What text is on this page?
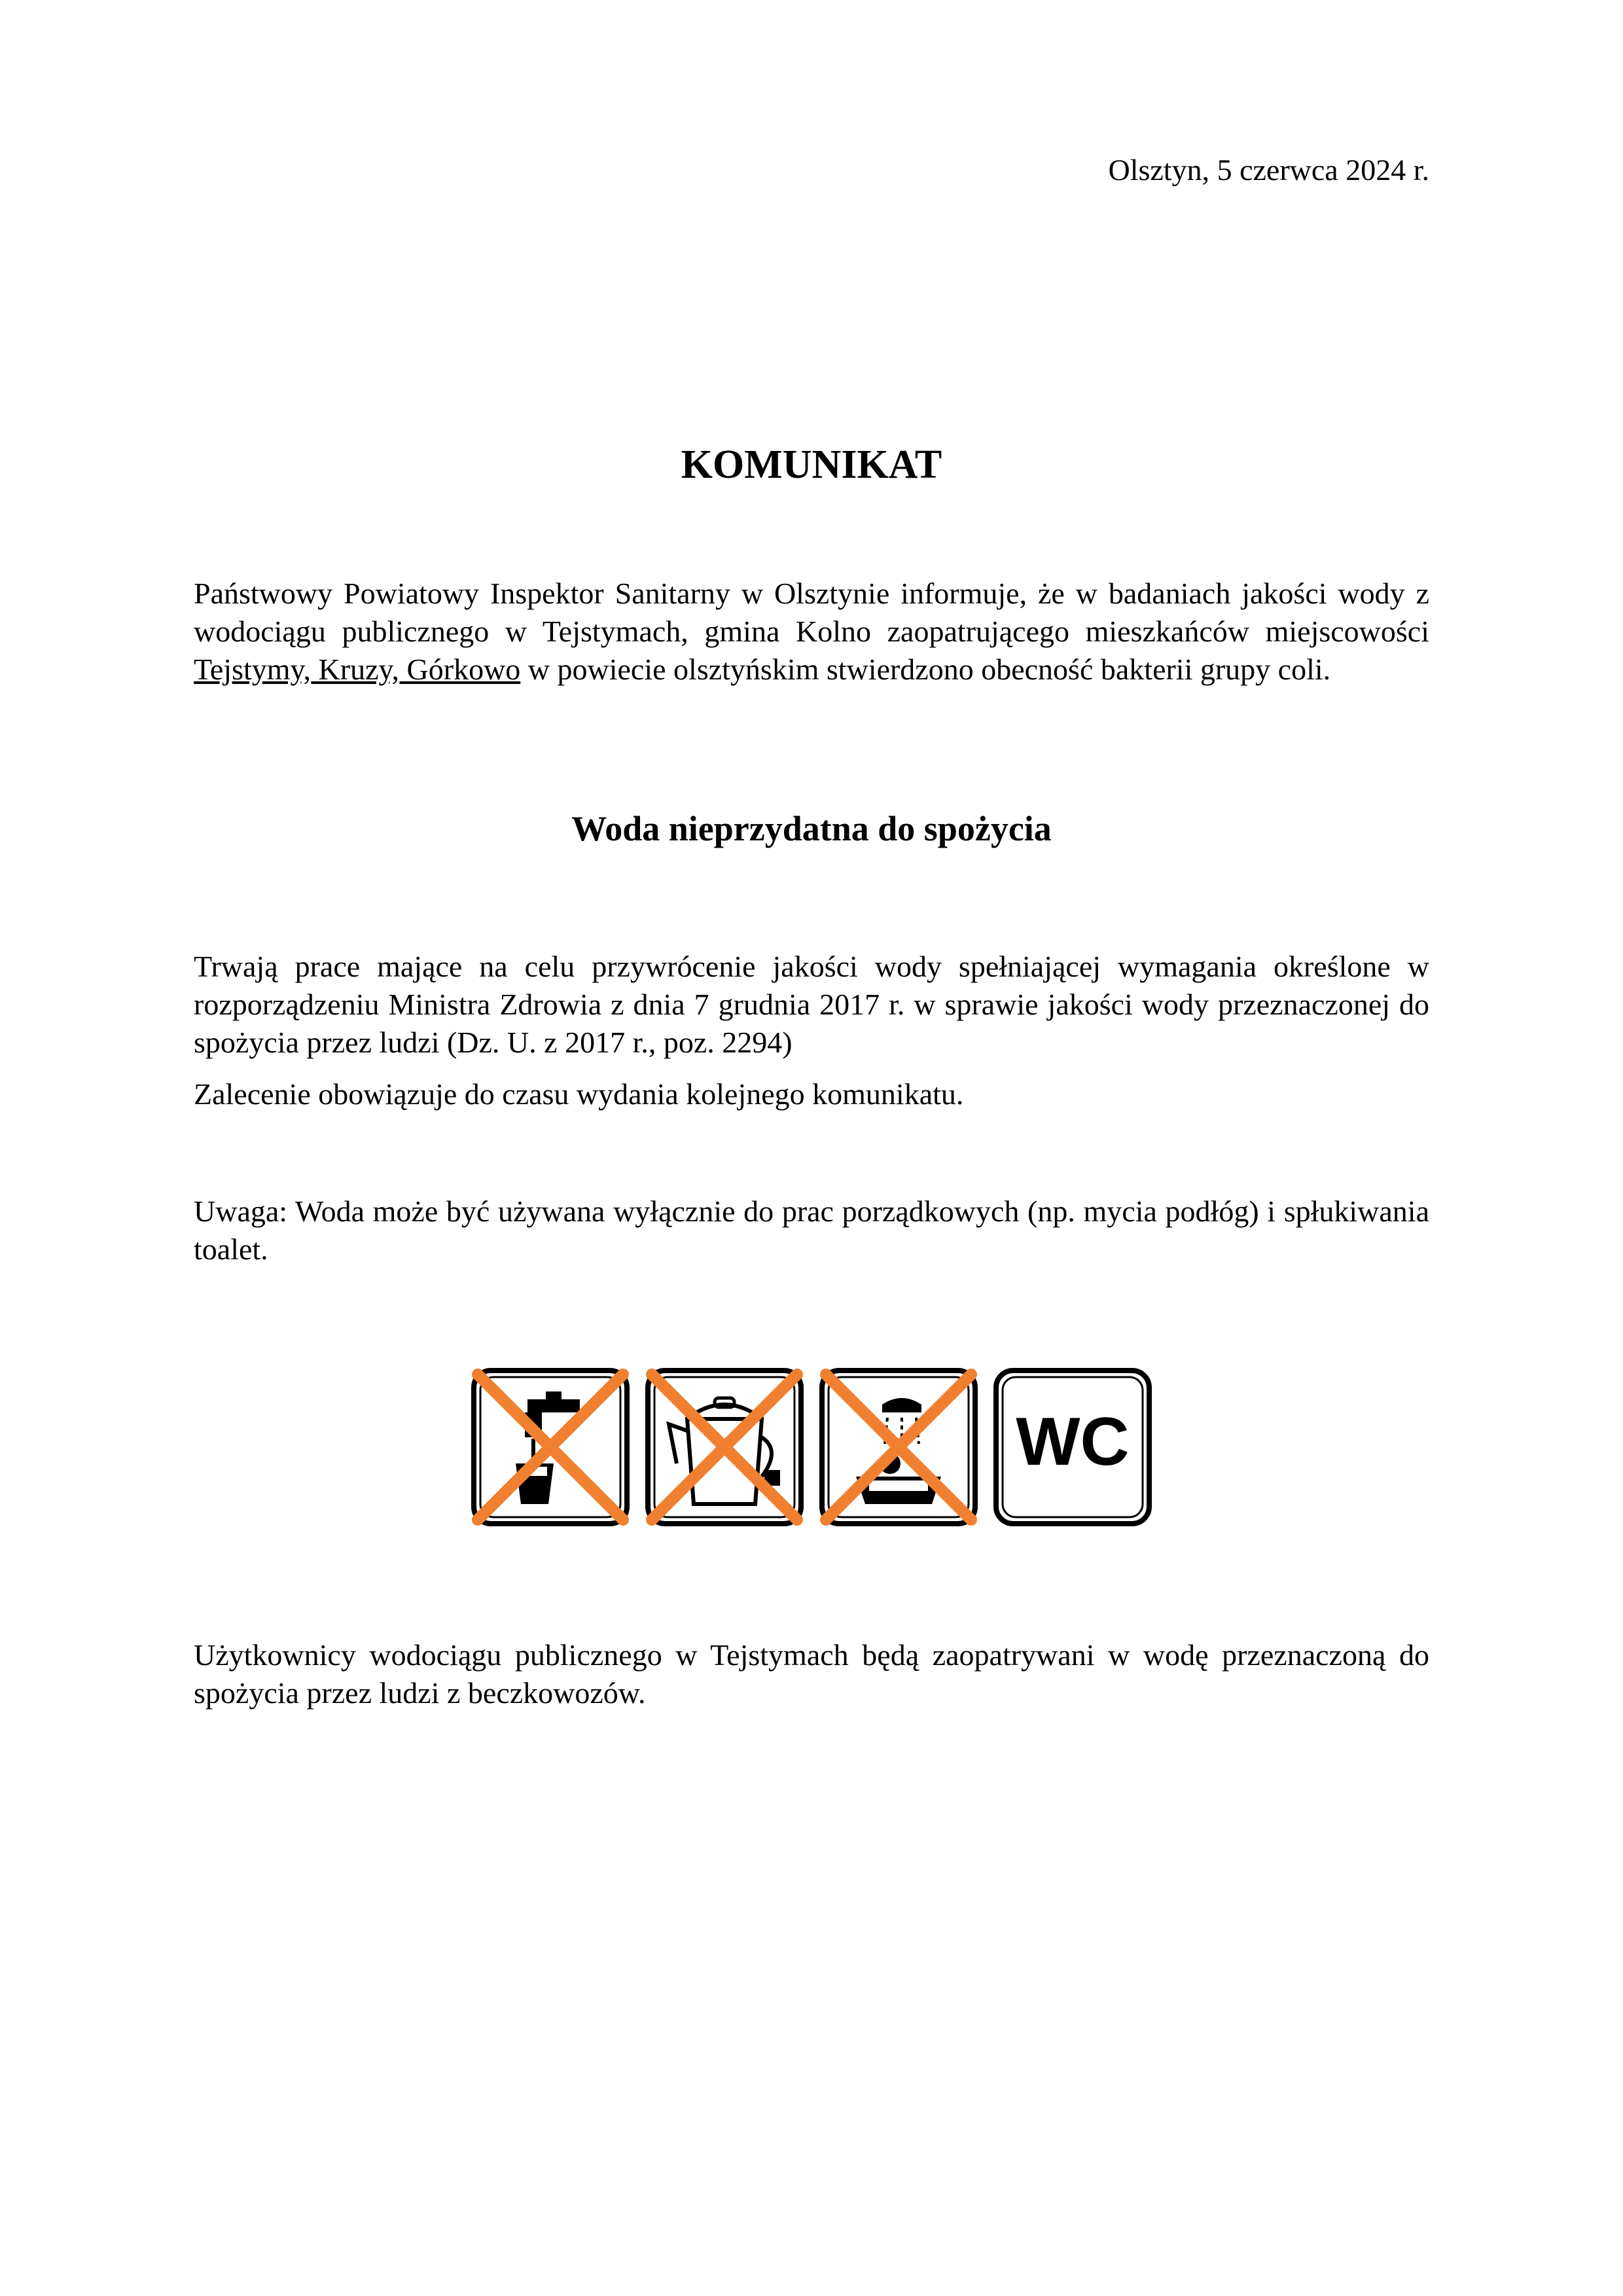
Olsztyn, 5 czerwca 2024 r.
KOMUNIKAT
Państwowy Powiatowy Inspektor Sanitarny w Olsztynie informuje, że w badaniach jakości wody z wodociągu publicznego w Tejstymach, gmina Kolno zaopatrującego mieszkańców miejscowości Tejstymy, Kruzy, Górkowo w powiecie olsztyńskim stwierdzono obecność bakterii grupy coli.
Woda nieprzydatna do spożycia
Trwają prace mające na celu przywrócenie jakości wody spełniającej wymagania określone w rozporządzeniu Ministra Zdrowia z dnia 7 grudnia 2017 r. w sprawie jakości wody przeznaczonej do spożycia przez ludzi (Dz. U. z 2017 r., poz. 2294)
Zalecenie obowiązuje do czasu wydania kolejnego komunikatu.
Uwaga: Woda może być używana wyłącznie do prac porządkowych (np. mycia podłóg) i spłukiwania toalet.
WC
Użytkownicy wodociągu publicznego w Tejstymach będą zaopatrywani w wodę przeznaczoną do spożycia przez ludzi z beczkowozów.
